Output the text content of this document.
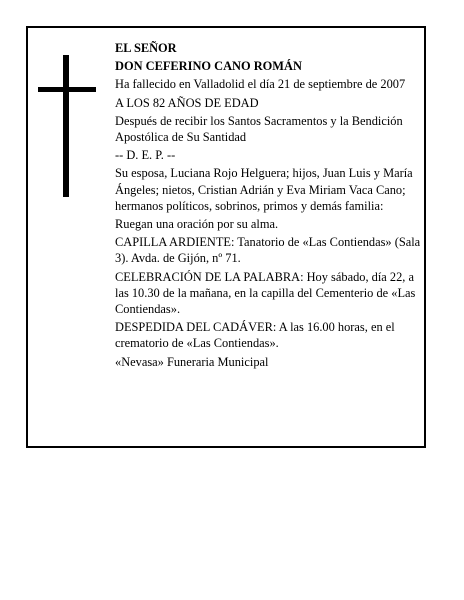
EL SEÑOR

DON CEFERINO CANO ROMÁN

Ha fallecido en Valladolid el día 21 de septiembre de 2007

A LOS 82 AÑOS DE EDAD

Después de recibir los Santos Sacramentos y la Bendición Apostólica de Su Santidad

-- D. E. P. --

Su esposa, Luciana Rojo Helguera; hijos, Juan Luis y María Ángeles; nietos, Cristian Adrián y Eva Miriam Vaca Cano; hermanos políticos, sobrinos, primos y demás familia:

Ruegan una oración por su alma.

CAPILLA ARDIENTE: Tanatorio de «Las Contiendas» (Sala 3). Avda. de Gijón, nº 71.

CELEBRACIÓN DE LA PALABRA: Hoy sábado, día 22, a las 10.30 de la mañana, en la capilla del Cementerio de «Las Contiendas».

DESPEDIDA DEL CADÁVER: A las 16.00 horas, en el crematorio de «Las Contiendas».

«Nevasa» Funeraria Municipal
